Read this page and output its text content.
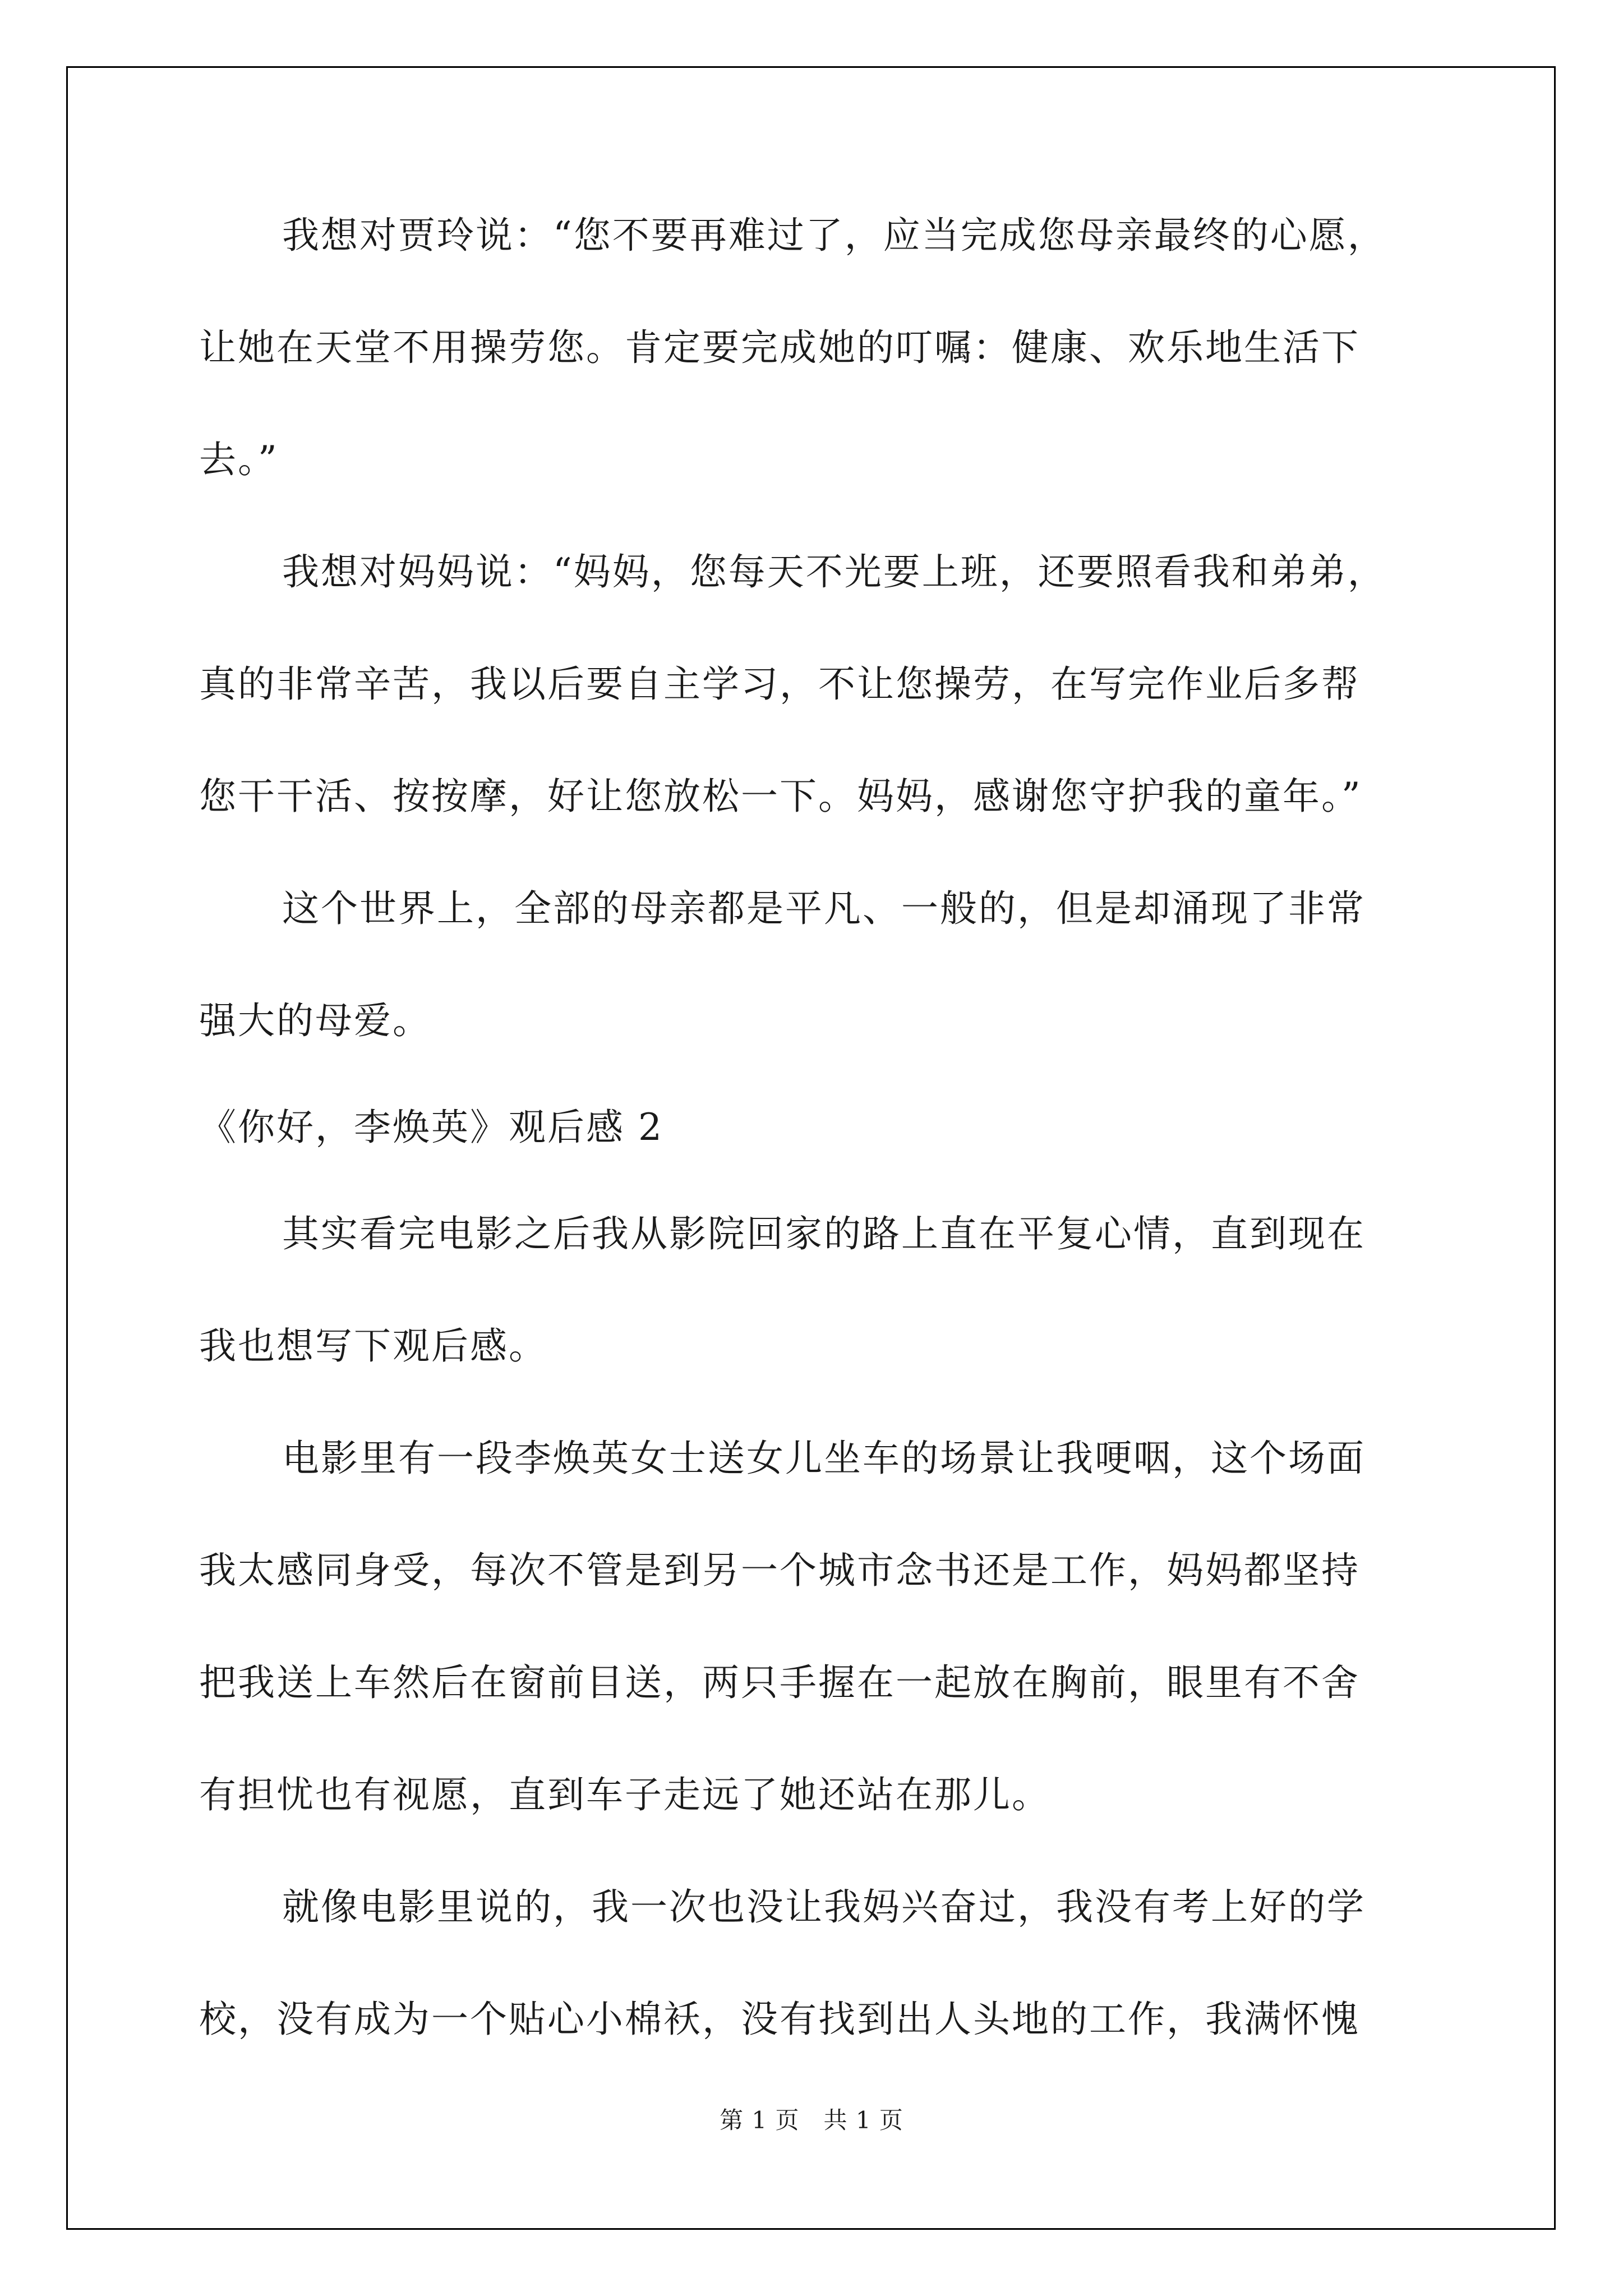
我想对贾玲说：“您不要再难过了，应当完成您母亲最终的心愿，
让她在天堂不用操劳您。肯定要完成她的叮嘱：健康、欢乐地生活下
去。”
我想对妈妈说：“妈妈，您每天不光要上班，还要照看我和弟弟，
真的非常辛苦，我以后要自主学习，不让您操劳，在写完作业后多帮
您干干活、按按摩，好让您放松一下。妈妈，感谢您守护我的童年。”
这个世界上，全部的母亲都是平凡、一般的，但是却涌现了非常
强大的母爱。
《你好，李焕英》观后感 2
其实看完电影之后我从影院回家的路上直在平复心情，直到现在
我也想写下观后感。
电影里有一段李焕英女士送女儿坐车的场景让我哽咽，这个场面
我太感同身受，每次不管是到另一个城市念书还是工作，妈妈都坚持
把我送上车然后在窗前目送，两只手握在一起放在胸前，眼里有不舍
有担忧也有视愿，直到车子走远了她还站在那儿。
就像电影里说的，我一次也没让我妈兴奋过，我没有考上好的学
校，没有成为一个贴心小棉袄，没有找到出人头地的工作，我满怀愧
第 1 页　共 1 页
